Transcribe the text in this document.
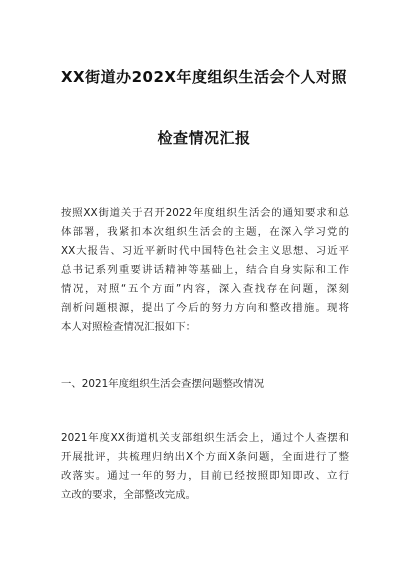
XX街道办202X年度组织生活会个人对照
检查情况汇报
按照XX街道关于召开2022年度组织生活会的通知要求和总
体部署，我紧扣本次组织生活会的主题，在深入学习党的
XX大报告、习近平新时代中国特色社会主义思想、习近平
总书记系列重要讲话精神等基础上，结合自身实际和工作
情况，对照“五个方面”内容，深入查找存在问题，深刻
剖析问题根源，提出了今后的努力方向和整改措施。现将
本人对照检查情况汇报如下：
一、2021年度组织生活会查摆问题整改情况
2021年度XX街道机关支部组织生活会上，通过个人查摆和
开展批评，共梳理归纳出X个方面X条问题，全面进行了整
改落实。通过一年的努力，目前已经按照即知即改、立行
立改的要求，全部整改完成。
